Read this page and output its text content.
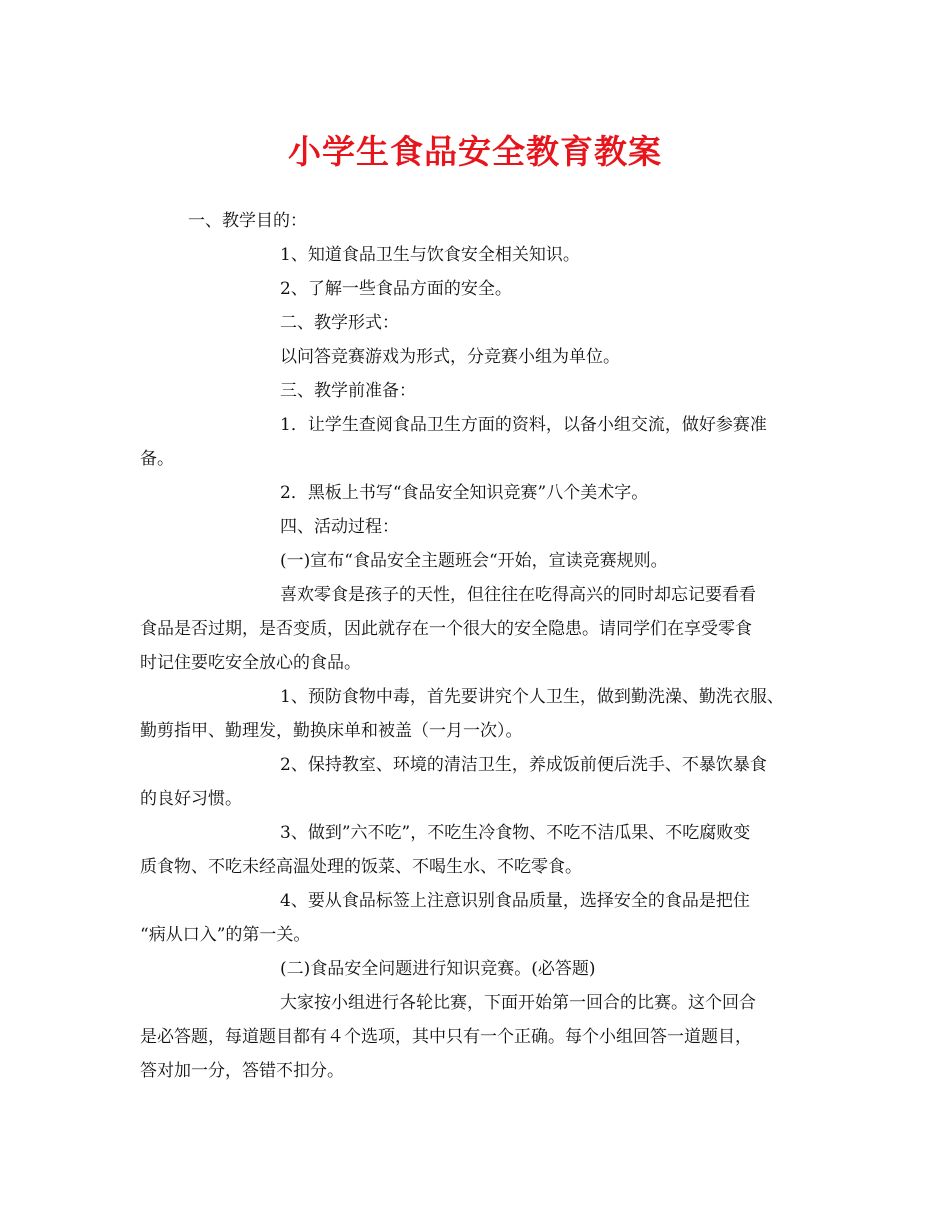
小学生食品安全教育教案

一、教学目的：

1、知道食品卫生与饮食安全相关知识。

2、了解一些食品方面的安全。

二、教学形式：

以问答竞赛游戏为形式，分竞赛小组为单位。

三、教学前准备：

1．让学生查阅食品卫生方面的资料，以备小组交流，做好参赛准

备。

2．黑板上书写“食品安全知识竞赛”八个美术字。

四、活动过程：

(一)宣布“食品安全主题班会“开始，宣读竞赛规则。

喜欢零食是孩子的天性，但往往在吃得高兴的同时却忘记要看看

食品是否过期，是否变质，因此就存在一个很大的安全隐患。请同学们在享受零食

时记住要吃安全放心的食品。

1、预防食物中毒，首先要讲究个人卫生，做到勤洗澡、勤洗衣服、

勤剪指甲、勤理发，勤换床单和被盖（一月一次）。

2、保持教室、环境的清洁卫生，养成饭前便后洗手、不暴饮暴食

的良好习惯。

3、做到”六不吃”，不吃生冷食物、不吃不洁瓜果、不吃腐败变

质食物、不吃未经高温处理的饭菜、不喝生水、不吃零食。

4、要从食品标签上注意识别食品质量，选择安全的食品是把住

“病从口入”的第一关。

(二)食品安全问题进行知识竞赛。(必答题)

大家按小组进行各轮比赛，下面开始第一回合的比赛。这个回合

是必答题，每道题目都有４个选项，其中只有一个正确。每个小组回答一道题目，

答对加一分，答错不扣分。
